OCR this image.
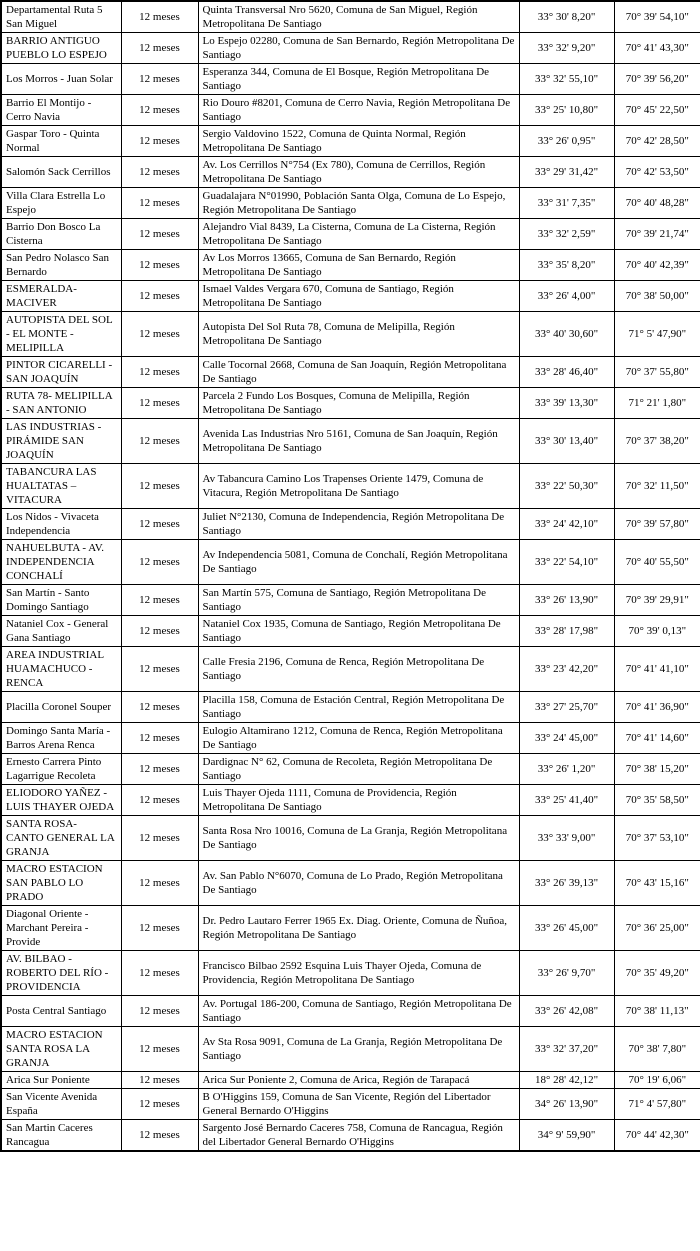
Departamental Ruta 5 San Miguel	12 meses	Quinta Transversal Nro 5620, Comuna de San Miguel, Región Metropolitana De Santiago	33° 30' 8,20"	70° 39' 54,10"
BARRIO ANTIGUO PUEBLO LO ESPEJO	12 meses	Lo Espejo 02280, Comuna de San Bernardo, Región Metropolitana De Santiago	33° 32' 9,20"	70° 41' 43,30"
Los Morros - Juan Solar	12 meses	Esperanza 344, Comuna de El Bosque, Región Metropolitana De Santiago	33° 32' 55,10"	70° 39' 56,20"
Barrio El Montijo - Cerro Navia	12 meses	Rio Douro #8201, Comuna de Cerro Navia, Región Metropolitana De Santiago	33° 25' 10,80"	70° 45' 22,50"
Gaspar Toro - Quinta Normal	12 meses	Sergio Valdovino 1522, Comuna de Quinta Normal, Región Metropolitana De Santiago	33° 26' 0,95"	70° 42' 28,50"
Salomón Sack Cerrillos	12 meses	Av. Los Cerrillos N°754 (Ex 780), Comuna de Cerrillos, Región Metropolitana De Santiago	33° 29' 31,42"	70° 42' 53,50"
Villa Clara Estrella Lo Espejo	12 meses	Guadalajara N°01990, Población Santa Olga, Comuna de Lo Espejo, Región Metropolitana De Santiago	33° 31' 7,35"	70° 40' 48,28"
Barrio Don Bosco La Cisterna	12 meses	Alejandro Vial 8439, La Cisterna, Comuna de La Cisterna, Región Metropolitana De Santiago	33° 32' 2,59"	70° 39' 21,74"
San Pedro Nolasco San Bernardo	12 meses	Av Los Morros 13665, Comuna de San Bernardo, Región Metropolitana De Santiago	33° 35' 8,20"	70° 40' 42,39"
ESMERALDA-MACIVER	12 meses	Ismael Valdes Vergara 670, Comuna de Santiago, Región Metropolitana De Santiago	33° 26' 4,00"	70° 38' 50,00"
AUTOPISTA DEL SOL - EL MONTE - MELIPILLA	12 meses	Autopista Del Sol Ruta 78, Comuna de Melipilla, Región Metropolitana De Santiago	33° 40' 30,60"	71° 5' 47,90"
PINTOR CICARELLI - SAN JOAQUÍN	12 meses	Calle Tocornal 2668, Comuna de San Joaquín, Región Metropolitana De Santiago	33° 28' 46,40"	70° 37' 55,80"
RUTA 78- MELIPILLA - SAN ANTONIO	12 meses	Parcela 2 Fundo Los Bosques, Comuna de Melipilla, Región Metropolitana De Santiago	33° 39' 13,30"	71° 21' 1,80"
LAS INDUSTRIAS - PIRÁMIDE SAN JOAQUÍN	12 meses	Avenida Las Industrias Nro 5161, Comuna de San Joaquín, Región Metropolitana De Santiago	33° 30' 13,40"	70° 37' 38,20"
TABANCURA LAS HUALTATAS – VITACURA	12 meses	Av Tabancura Camino Los Trapenses Oriente 1479, Comuna de Vitacura, Región Metropolitana De Santiago	33° 22' 50,30"	70° 32' 11,50"
Los Nidos - Vivaceta Independencia	12 meses	Juliet N°2130, Comuna de Independencia, Región Metropolitana De Santiago	33° 24' 42,10"	70° 39' 57,80"
NAHUELBUTA - AV. INDEPENDENCIA CONCHALÍ	12 meses	Av Independencia 5081, Comuna de Conchalí, Región Metropolitana De Santiago	33° 22' 54,10"	70° 40' 55,50"
San Martín - Santo Domingo Santiago	12 meses	San Martín 575, Comuna de Santiago, Región Metropolitana De Santiago	33° 26' 13,90"	70° 39' 29,91"
Nataniel Cox - General Gana Santiago	12 meses	Nataniel Cox 1935, Comuna de Santiago, Región Metropolitana De Santiago	33° 28' 17,98"	70° 39' 0,13"
AREA INDUSTRIAL HUAMACHUCO - RENCA	12 meses	Calle Fresia 2196, Comuna de Renca, Región Metropolitana De Santiago	33° 23' 42,20"	70° 41' 41,10"
Placilla Coronel Souper	12 meses	Placilla 158, Comuna de Estación Central, Región Metropolitana De Santiago	33° 27' 25,70"	70° 41' 36,90"
Domingo Santa María - Barros Arena Renca	12 meses	Eulogio Altamirano 1212, Comuna de Renca, Región Metropolitana De Santiago	33° 24' 45,00"	70° 41' 14,60"
Ernesto Carrera Pinto Lagarrigue Recoleta	12 meses	Dardignac N° 62, Comuna de Recoleta, Región Metropolitana De Santiago	33° 26' 1,20"	70° 38' 15,20"
ELIODORO YAÑEZ - LUIS THAYER OJEDA	12 meses	Luis Thayer Ojeda 1111, Comuna de Providencia, Región Metropolitana De Santiago	33° 25' 41,40"	70° 35' 58,50"
SANTA ROSA- CANTO GENERAL LA GRANJA	12 meses	Santa Rosa Nro 10016, Comuna de La Granja, Región Metropolitana De Santiago	33° 33' 9,00"	70° 37' 53,10"
MACRO ESTACION SAN PABLO LO PRADO	12 meses	Av. San Pablo N°6070, Comuna de Lo Prado, Región Metropolitana De Santiago	33° 26' 39,13"	70° 43' 15,16"
Diagonal Oriente - Marchant Pereira - Provide	12 meses	Dr. Pedro Lautaro Ferrer 1965 Ex. Diag. Oriente, Comuna de Ñuñoa, Región Metropolitana De Santiago	33° 26' 45,00"	70° 36' 25,00"
AV. BILBAO - ROBERTO DEL RÍO - PROVIDENCIA	12 meses	Francisco Bilbao 2592 Esquina Luis Thayer Ojeda, Comuna de Providencia, Región Metropolitana De Santiago	33° 26' 9,70"	70° 35' 49,20"
Posta Central Santiago	12 meses	Av. Portugal 186-200, Comuna de Santiago, Región Metropolitana De Santiago	33° 26' 42,08"	70° 38' 11,13"
MACRO ESTACION SANTA ROSA LA GRANJA	12 meses	Av Sta Rosa 9091, Comuna de La Granja, Región Metropolitana De Santiago	33° 32' 37,20"	70° 38' 7,80"
Arica Sur Poniente	12 meses	Arica Sur Poniente 2, Comuna de Arica, Región de Tarapacá	18° 28' 42,12"	70° 19' 6,06"
San Vicente Avenida España	12 meses	B O'Higgins 159, Comuna de San Vicente, Región del Libertador General Bernardo O'Higgins	34° 26' 13,90"	71° 4' 57,80"
San Martin Caceres Rancagua	12 meses	Sargento José Bernardo Caceres 758, Comuna de Rancagua, Región del Libertador General Bernardo O'Higgins	34° 9' 59,90"	70° 44' 42,30"
